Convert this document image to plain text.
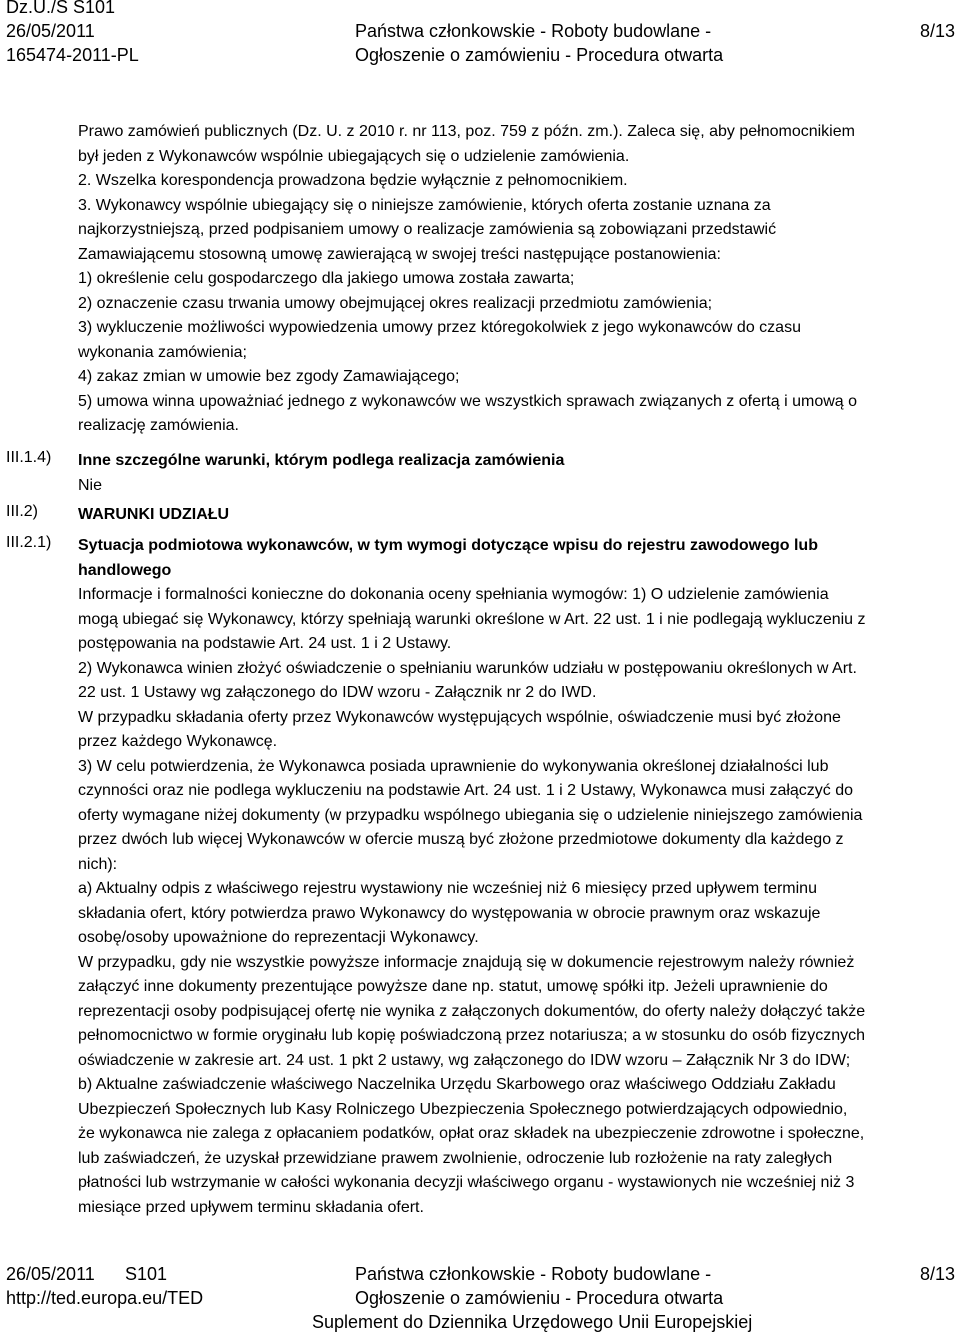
Dz.U./S S101
26/05/2011
165474-2011-PL
Państwa członkowskie - Roboty budowlane -
Ogłoszenie o zamówieniu - Procedura otwarta
8/13
Prawo zamówień publicznych (Dz. U. z 2010 r. nr 113, poz. 759 z późn. zm.). Zaleca się, aby pełnomocnikiem
był jeden z Wykonawców wspólnie ubiegających się o udzielenie zamówienia.
2. Wszelka korespondencja prowadzona będzie wyłącznie z pełnomocnikiem.
3. Wykonawcy wspólnie ubiegający się o niniejsze zamówienie, których oferta zostanie uznana za
najkorzystniejszą, przed podpisaniem umowy o realizacje zamówienia są zobowiązani przedstawić
Zamawiającemu stosowną umowę zawierającą w swojej treści następujące postanowienia:
1) określenie celu gospodarczego dla jakiego umowa została zawarta;
2) oznaczenie czasu trwania umowy obejmującej okres realizacji przedmiotu zamówienia;
3) wykluczenie możliwości wypowiedzenia umowy przez któregokolwiek z jego wykonawców do czasu
wykonania zamówienia;
4) zakaz zmian w umowie bez zgody Zamawiającego;
5) umowa winna upoważniać jednego z wykonawców we wszystkich sprawach związanych z ofertą i umową o
realizację zamówienia.
III.1.4) Inne szczególne warunki, którym podlega realizacja zamówienia
Nie
III.2) WARUNKI UDZIAŁU
III.2.1) Sytuacja podmiotowa wykonawców, w tym wymogi dotyczące wpisu do rejestru zawodowego lub
handlowego
Informacje i formalności konieczne do dokonania oceny spełniania wymogów: 1) O udzielenie zamówienia
mogą ubiegać się Wykonawcy, którzy spełniają warunki określone w Art. 22 ust. 1 i nie podlegają wykluczeniu z
postępowania na podstawie Art. 24 ust. 1 i 2 Ustawy.
2) Wykonawca winien złożyć oświadczenie o spełnianiu warunków udziału w postępowaniu określonych w Art.
22 ust. 1 Ustawy wg załączonego do IDW wzoru - Załącznik nr 2 do IWD.
W przypadku składania oferty przez Wykonawców występujących wspólnie, oświadczenie musi być złożone
przez każdego Wykonawcę.
3) W celu potwierdzenia, że Wykonawca posiada uprawnienie do wykonywania określonej działalności lub
czynności oraz nie podlega wykluczeniu na podstawie Art. 24 ust. 1 i 2 Ustawy, Wykonawca musi załączyć do
oferty wymagane niżej dokumenty (w przypadku wspólnego ubiegania się o udzielenie niniejszego zamówienia
przez dwóch lub więcej Wykonawców w ofercie muszą być złożone przedmiotowe dokumenty dla każdego z
nich):
a) Aktualny odpis z właściwego rejestru wystawiony nie wcześniej niż 6 miesięcy przed upływem terminu
składania ofert, który potwierdza prawo Wykonawcy do występowania w obrocie prawnym oraz wskazuje
osobę/osoby upoważnione do reprezentacji Wykonawcy.
W przypadku, gdy nie wszystkie powyższe informacje znajdują się w dokumencie rejestrowym należy również
załączyć inne dokumenty prezentujące powyższe dane np. statut, umowę spółki itp. Jeżeli uprawnienie do
reprezentacji osoby podpisującej ofertę nie wynika z załączonych dokumentów, do oferty należy dołączyć także
pełnomocnictwo w formie oryginału lub kopię poświadczoną przez notariusza; a w stosunku do osób fizycznych
oświadczenie w zakresie art. 24 ust. 1 pkt 2 ustawy, wg załączonego do IDW wzoru – Załącznik Nr 3 do IDW;
b) Aktualne zaświadczenie właściwego Naczelnika Urzędu Skarbowego oraz właściwego Oddziału Zakładu
Ubezpieczeń Społecznych lub Kasy Rolniczego Ubezpieczenia Społecznego potwierdzających odpowiednio,
że wykonawca nie zalega z opłacaniem podatków, opłat oraz składek na ubezpieczenie zdrowotne i społeczne,
lub zaświadczeń, że uzyskał przewidziane prawem zwolnienie, odroczenie lub rozłożenie na raty zaległych
płatności lub wstrzymanie w całości wykonania decyzji właściwego organu - wystawionych nie wcześniej niż 3
miesiące przed upływem terminu składania ofert.
26/05/2011 S101
http://ted.europa.eu/TED
Państwa członkowskie - Roboty budowlane -
Ogłoszenie o zamówieniu - Procedura otwarta
Suplement do Dziennika Urzędowego Unii Europejskiej
8/13
